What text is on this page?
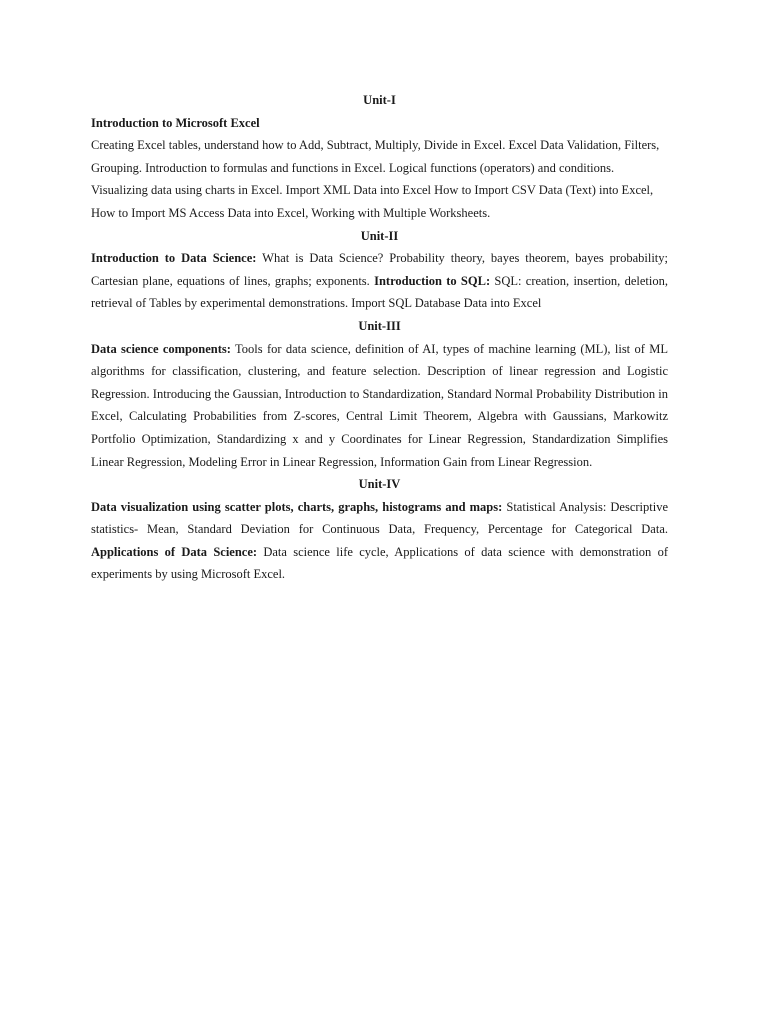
Unit-I

Introduction to Microsoft Excel

Creating Excel tables, understand how to Add, Subtract, Multiply, Divide in Excel. Excel Data Validation, Filters, Grouping. Introduction to formulas and functions in Excel. Logical functions (operators) and conditions. Visualizing data using charts in Excel. Import XML Data into Excel How to Import CSV Data (Text) into Excel, How to Import MS Access Data into Excel, Working with Multiple Worksheets.

Unit-II

Introduction to Data Science: What is Data Science? Probability theory, bayes theorem, bayes probability; Cartesian plane, equations of lines, graphs; exponents. Introduction to SQL: SQL: creation, insertion, deletion, retrieval of Tables by experimental demonstrations. Import SQL Database Data into Excel

Unit-III

Data science components: Tools for data science, definition of AI, types of machine learning (ML), list of ML algorithms for classification, clustering, and feature selection. Description of linear regression and Logistic Regression. Introducing the Gaussian, Introduction to Standardization, Standard Normal Probability Distribution in Excel, Calculating Probabilities from Z-scores, Central Limit Theorem, Algebra with Gaussians, Markowitz Portfolio Optimization, Standardizing x and y Coordinates for Linear Regression, Standardization Simplifies Linear Regression, Modeling Error in Linear Regression, Information Gain from Linear Regression.

Unit-IV

Data visualization using scatter plots, charts, graphs, histograms and maps: Statistical Analysis: Descriptive statistics- Mean, Standard Deviation for Continuous Data, Frequency, Percentage for Categorical Data. Applications of Data Science: Data science life cycle, Applications of data science with demonstration of experiments by using Microsoft Excel.
